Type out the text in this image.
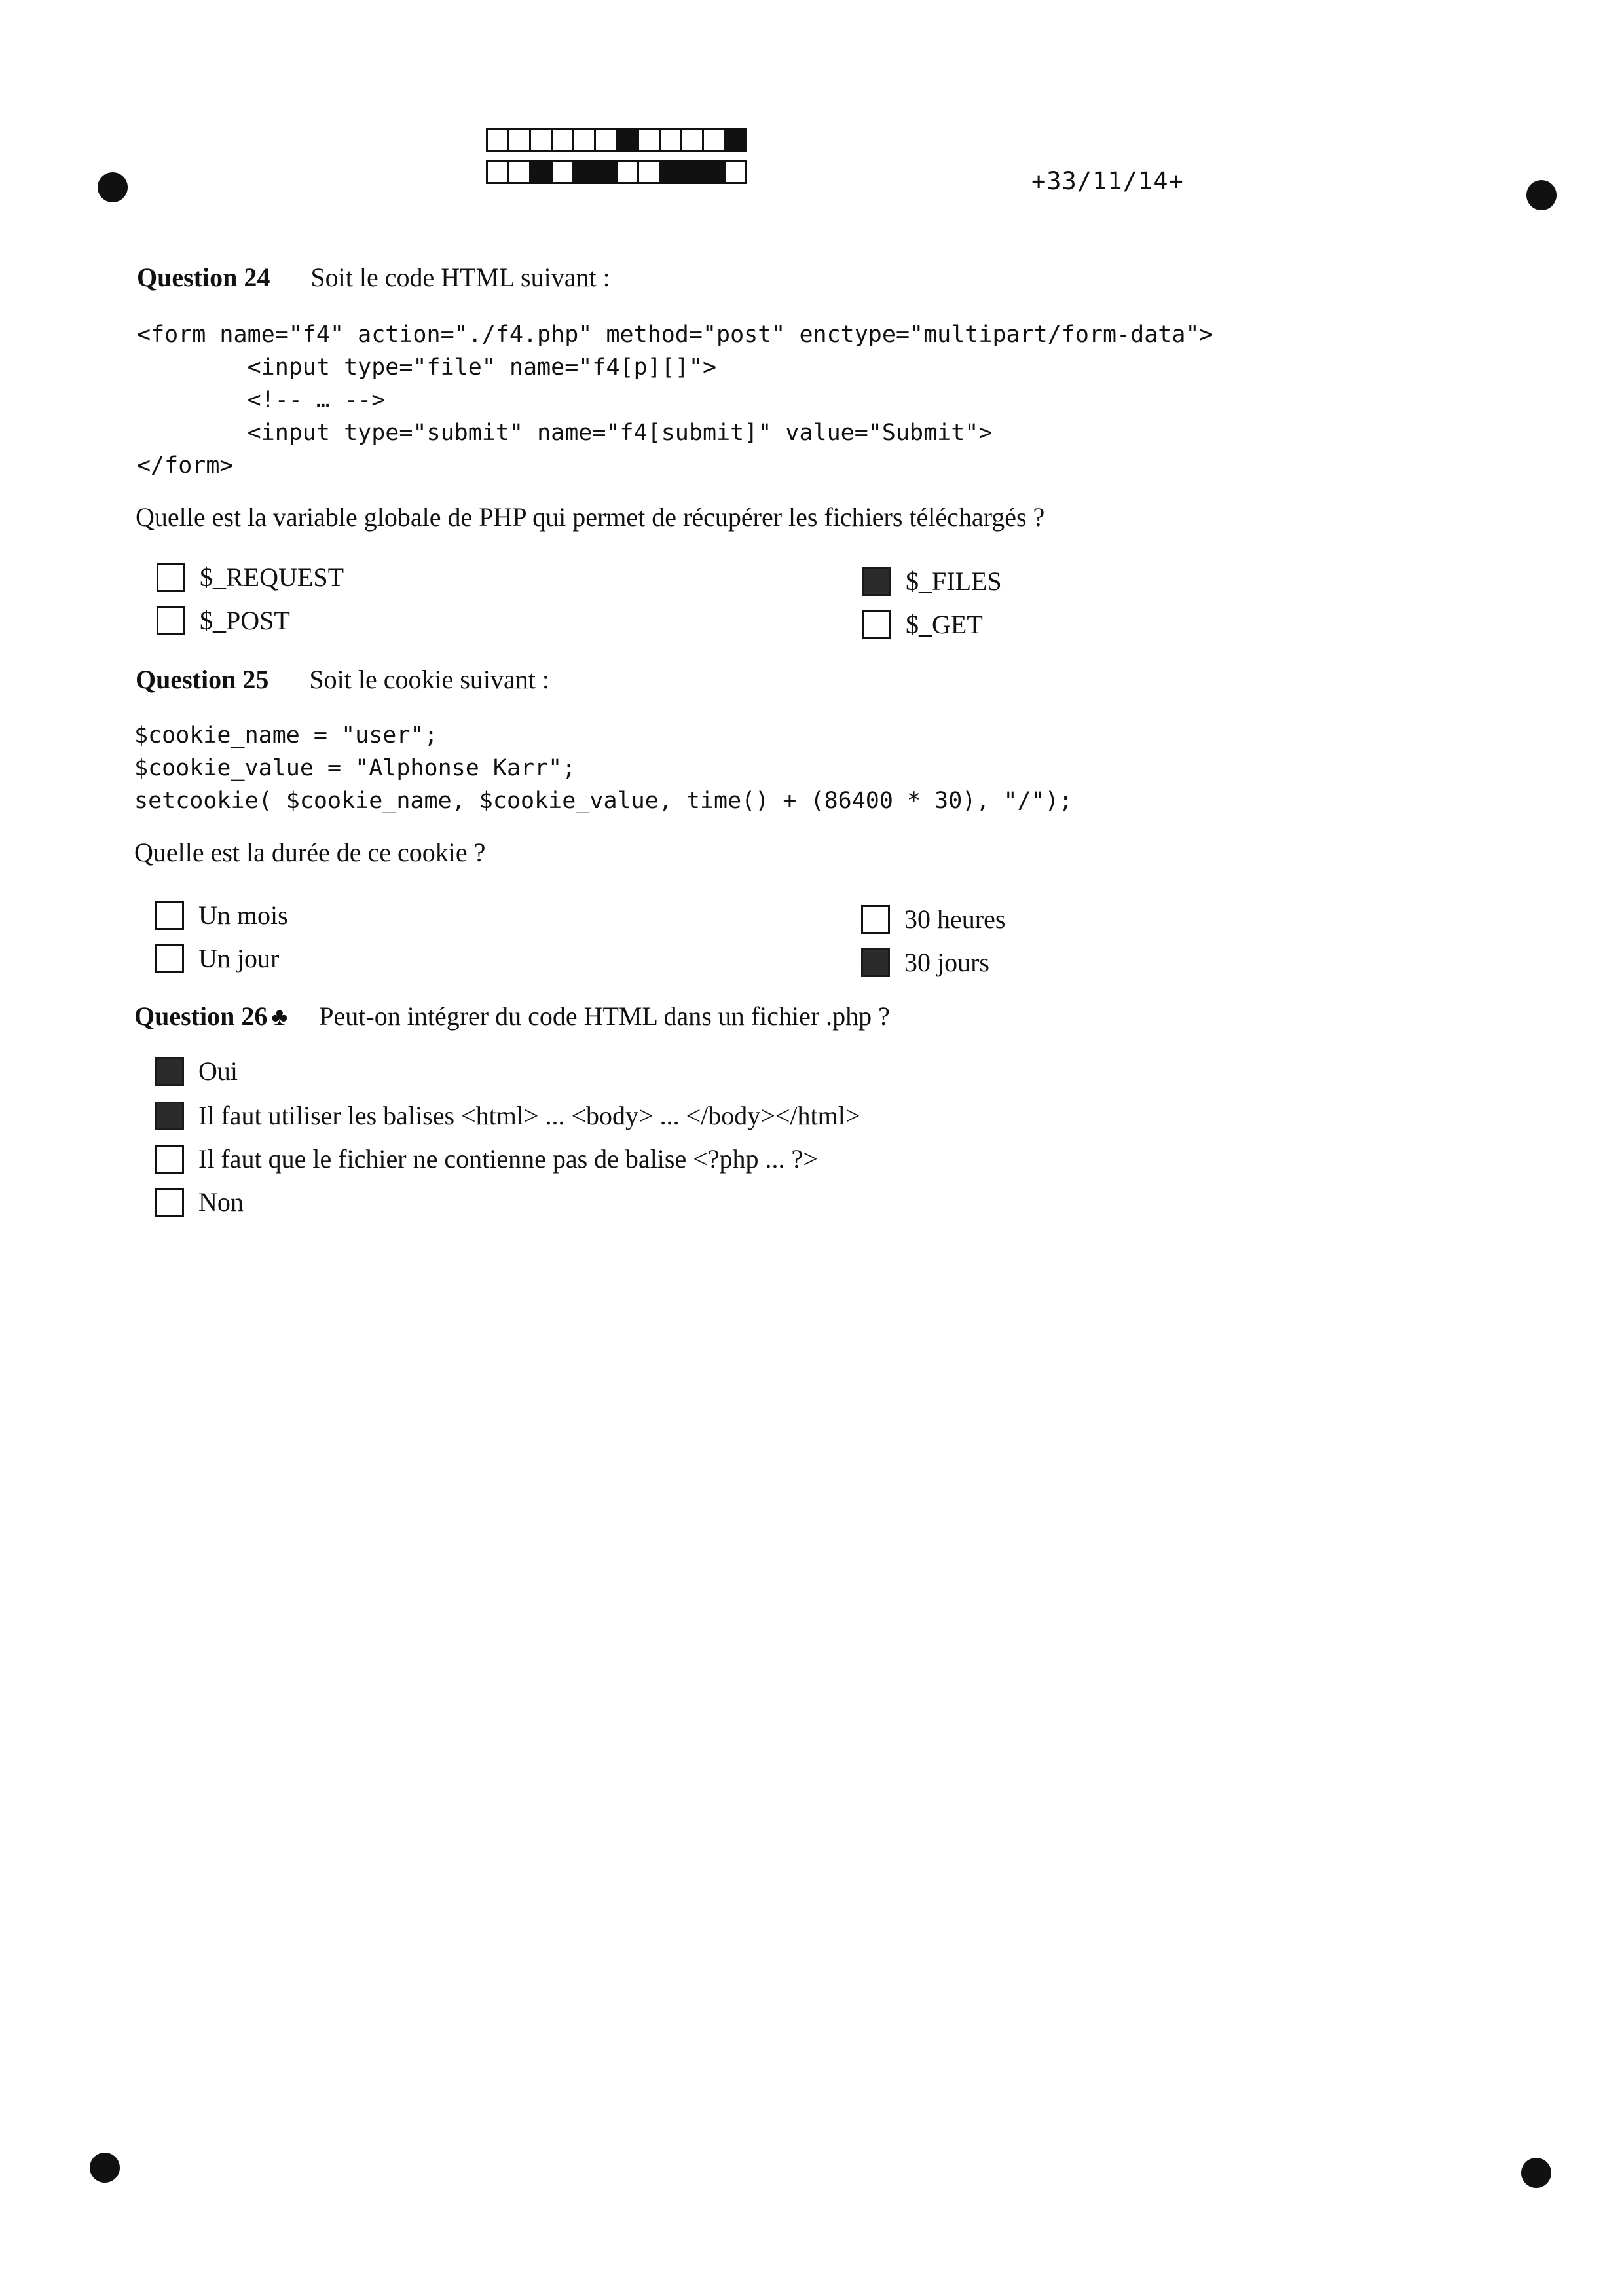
+33/11/14+
Question 24 Soit le code HTML suivant :
<form name="f4" action="./f4.php" method="post" enctype="multipart/form-data">
<input type="file" name="f4[p][]">
<!-- … -->
<input type="submit" name="f4[submit]" value="Submit">
</form>
Quelle est la variable globale de PHP qui permet de récupérer les fichiers téléchargés ?
$_REQUEST
$_POST
$_FILES
$_GET
Question 25 Soit le cookie suivant :
$cookie_name = "user";
$cookie_value = "Alphonse Karr";
setcookie( $cookie_name, $cookie_value, time() + (86400 * 30), "/");
Quelle est la durée de ce cookie ?
Un mois
Un jour
30 heures
30 jours
Question 26 ♣ Peut-on intégrer du code HTML dans un fichier .php ?
Oui
Il faut utiliser les balises <html> ... <body> ... </body></html>
Il faut que le fichier ne contienne pas de balise <?php ... ?>
Non
